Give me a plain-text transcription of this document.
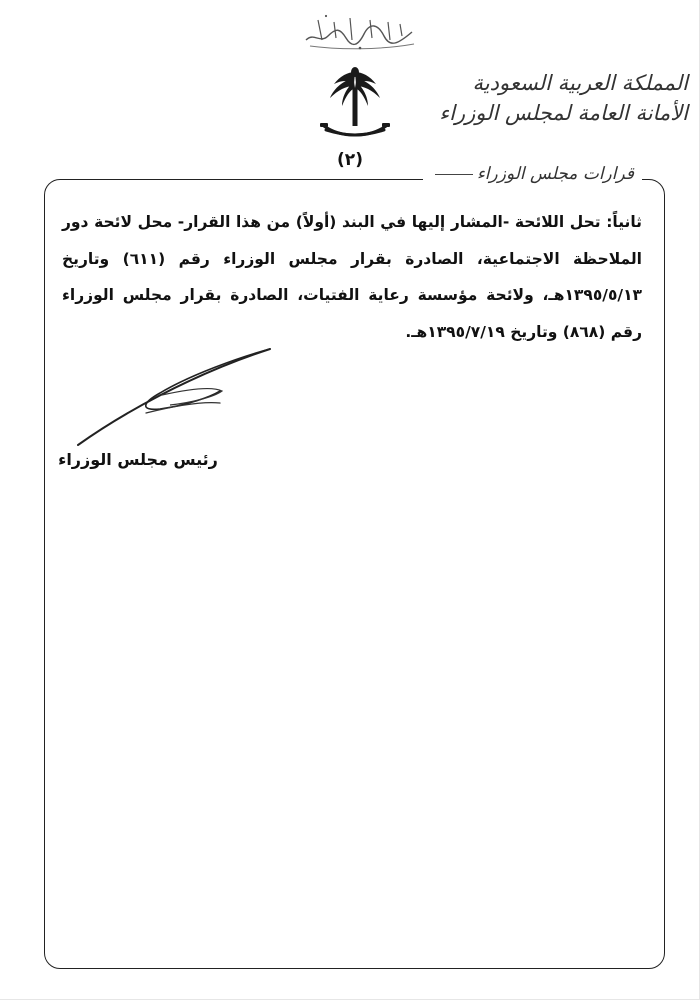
المملكة العربية السعودية
الأمانة العامة لمجلس الوزراء
(٢)
قرارات مجلس الوزراء
ثانياً: تحل اللائحة -المشار إليها في البند (أولاً) من هذا القرار- محل لائحة دور الملاحظة الاجتماعية، الصادرة بقرار مجلس الوزراء رقم (٦١١) وتاريخ ١٣٩٥/٥/١٣هـ، ولائحة مؤسسة رعاية الفتيات، الصادرة بقرار مجلس الوزراء رقم (٨٦٨) وتاريخ ١٣٩٥/٧/١٩هـ.
رئيس مجلس الوزراء
